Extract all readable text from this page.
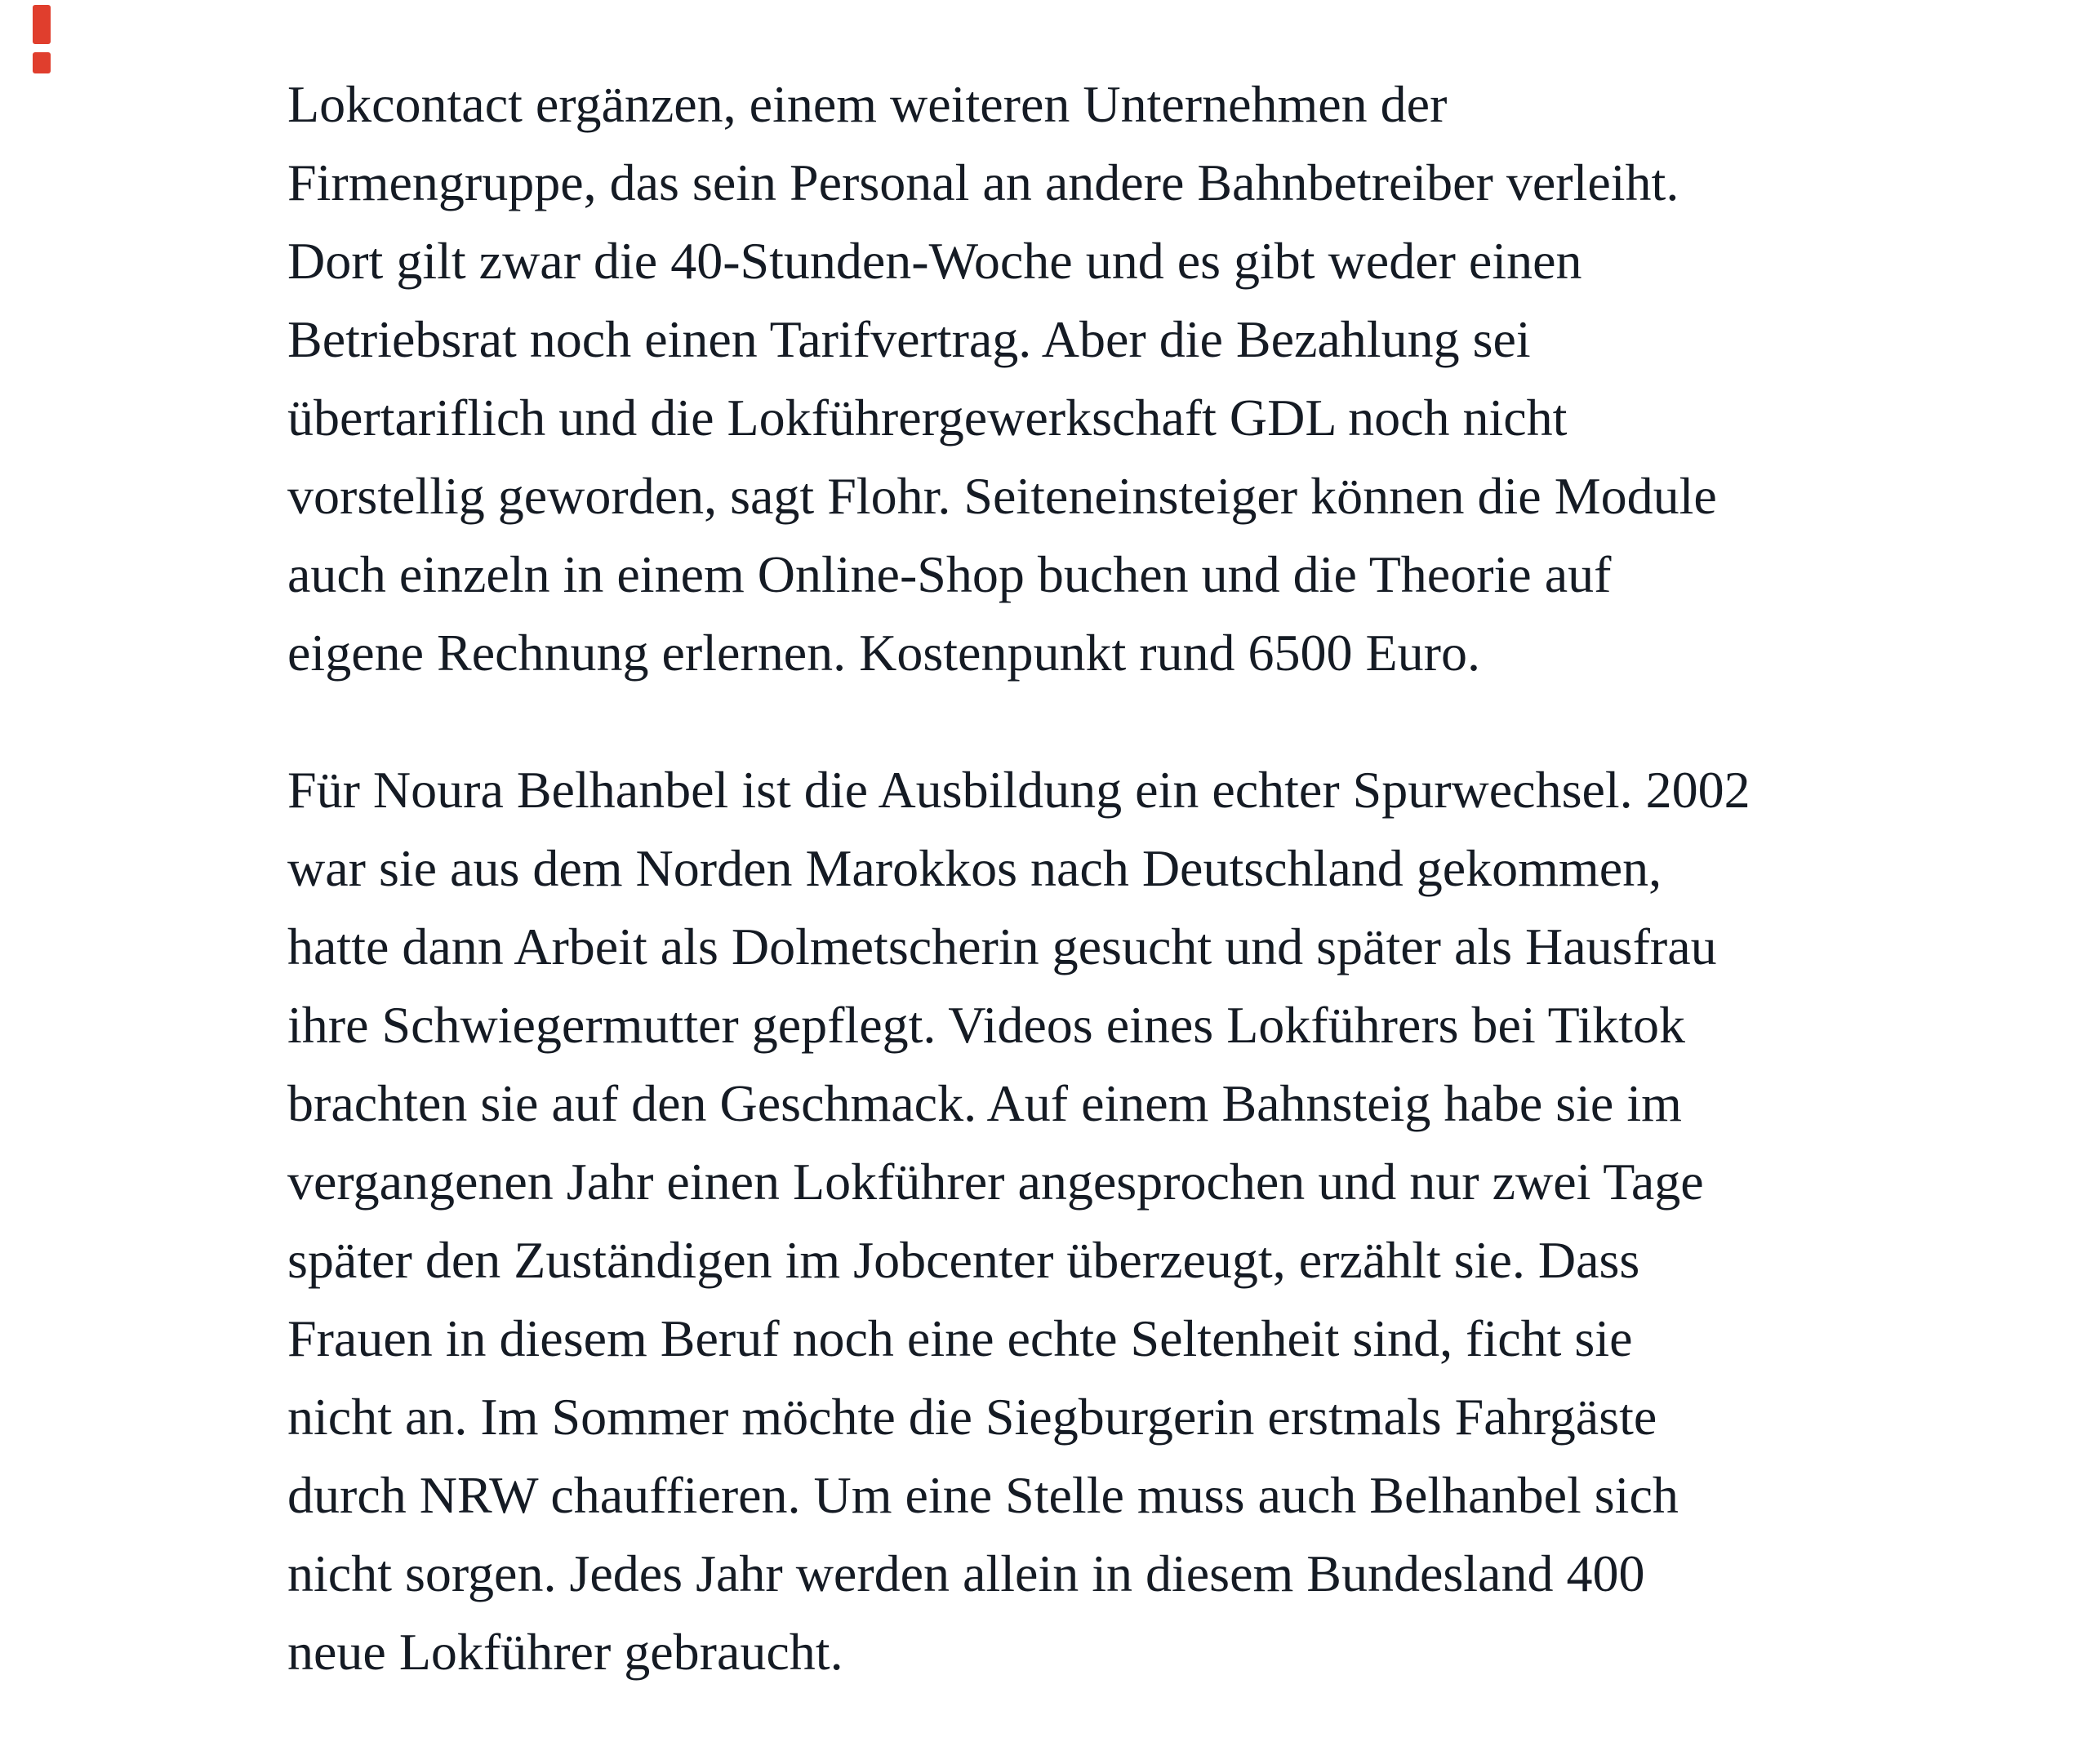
Lokcontact ergänzen, einem weiteren Unternehmen der
Firmengruppe, das sein Personal an andere Bahnbetreiber verleiht.
Dort gilt zwar die 40-Stunden-Woche und es gibt weder einen
Betriebsrat noch einen Tarifvertrag. Aber die Bezahlung sei
übertariflich und die Lokführergewerkschaft GDL noch nicht
vorstellig geworden, sagt Flohr. Seiteneinsteiger können die Module
auch einzeln in einem Online-Shop buchen und die Theorie auf
eigene Rechnung erlernen. Kostenpunkt rund 6500 Euro.

Für Noura Belhanbel ist die Ausbildung ein echter Spurwechsel. 2002
war sie aus dem Norden Marokkos nach Deutschland gekommen,
hatte dann Arbeit als Dolmetscherin gesucht und später als Hausfrau
ihre Schwiegermutter gepflegt. Videos eines Lokführers bei Tiktok
brachten sie auf den Geschmack. Auf einem Bahnsteig habe sie im
vergangenen Jahr einen Lokführer angesprochen und nur zwei Tage
später den Zuständigen im Jobcenter überzeugt, erzählt sie. Dass
Frauen in diesem Beruf noch eine echte Seltenheit sind, ficht sie
nicht an. Im Sommer möchte die Siegburgerin erstmals Fahrgäste
durch NRW chauffieren. Um eine Stelle muss auch Belhanbel sich
nicht sorgen. Jedes Jahr werden allein in diesem Bundesland 400
neue Lokführer gebraucht.
